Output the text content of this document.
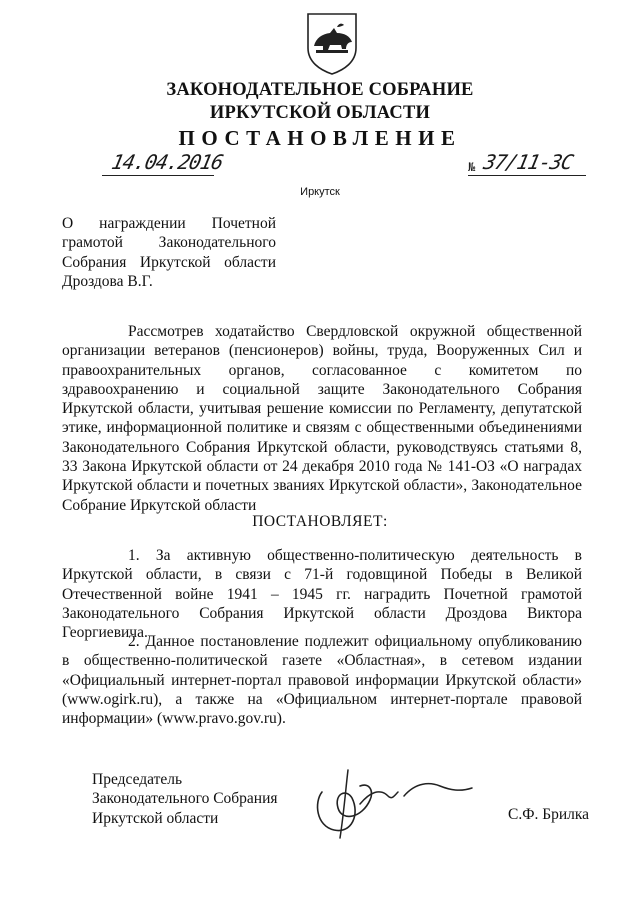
ЗАКОНОДАТЕЛЬНОЕ СОБРАНИЕ
ИРКУТСКОЙ ОБЛАСТИ
ПОСТАНОВЛЕНИЕ
14.04.2016	№ 37/11-ЗС
Иркутск
О награждении Почетной грамотой Законодательного Собрания Иркутской области Дроздова В.Г.
Рассмотрев ходатайство Свердловской окружной общественной организации ветеранов (пенсионеров) войны, труда, Вооруженных Сил и правоохранительных органов, согласованное с комитетом по здравоохранению и социальной защите Законодательного Собрания Иркутской области, учитывая решение комиссии по Регламенту, депутатской этике, информационной политике и связям с общественными объединениями Законодательного Собрания Иркутской области, руководствуясь статьями 8, 33 Закона Иркутской области от 24 декабря 2010 года № 141-ОЗ «О наградах Иркутской области и почетных званиях Иркутской области», Законодательное Собрание Иркутской области
ПОСТАНОВЛЯЕТ:
1. За активную общественно-политическую деятельность в Иркутской области, в связи с 71-й годовщиной Победы в Великой Отечественной войне 1941 – 1945 гг. наградить Почетной грамотой Законодательного Собрания Иркутской области Дроздова Виктора Георгиевича.
2. Данное постановление подлежит официальному опубликованию в общественно-политической газете «Областная», в сетевом издании «Официальный интернет-портал правовой информации Иркутской области» (www.ogirk.ru), а также на «Официальном интернет-портале правовой информации» (www.pravo.gov.ru).
Председатель
Законодательного Собрания
Иркутской области	С.Ф. Брилка
